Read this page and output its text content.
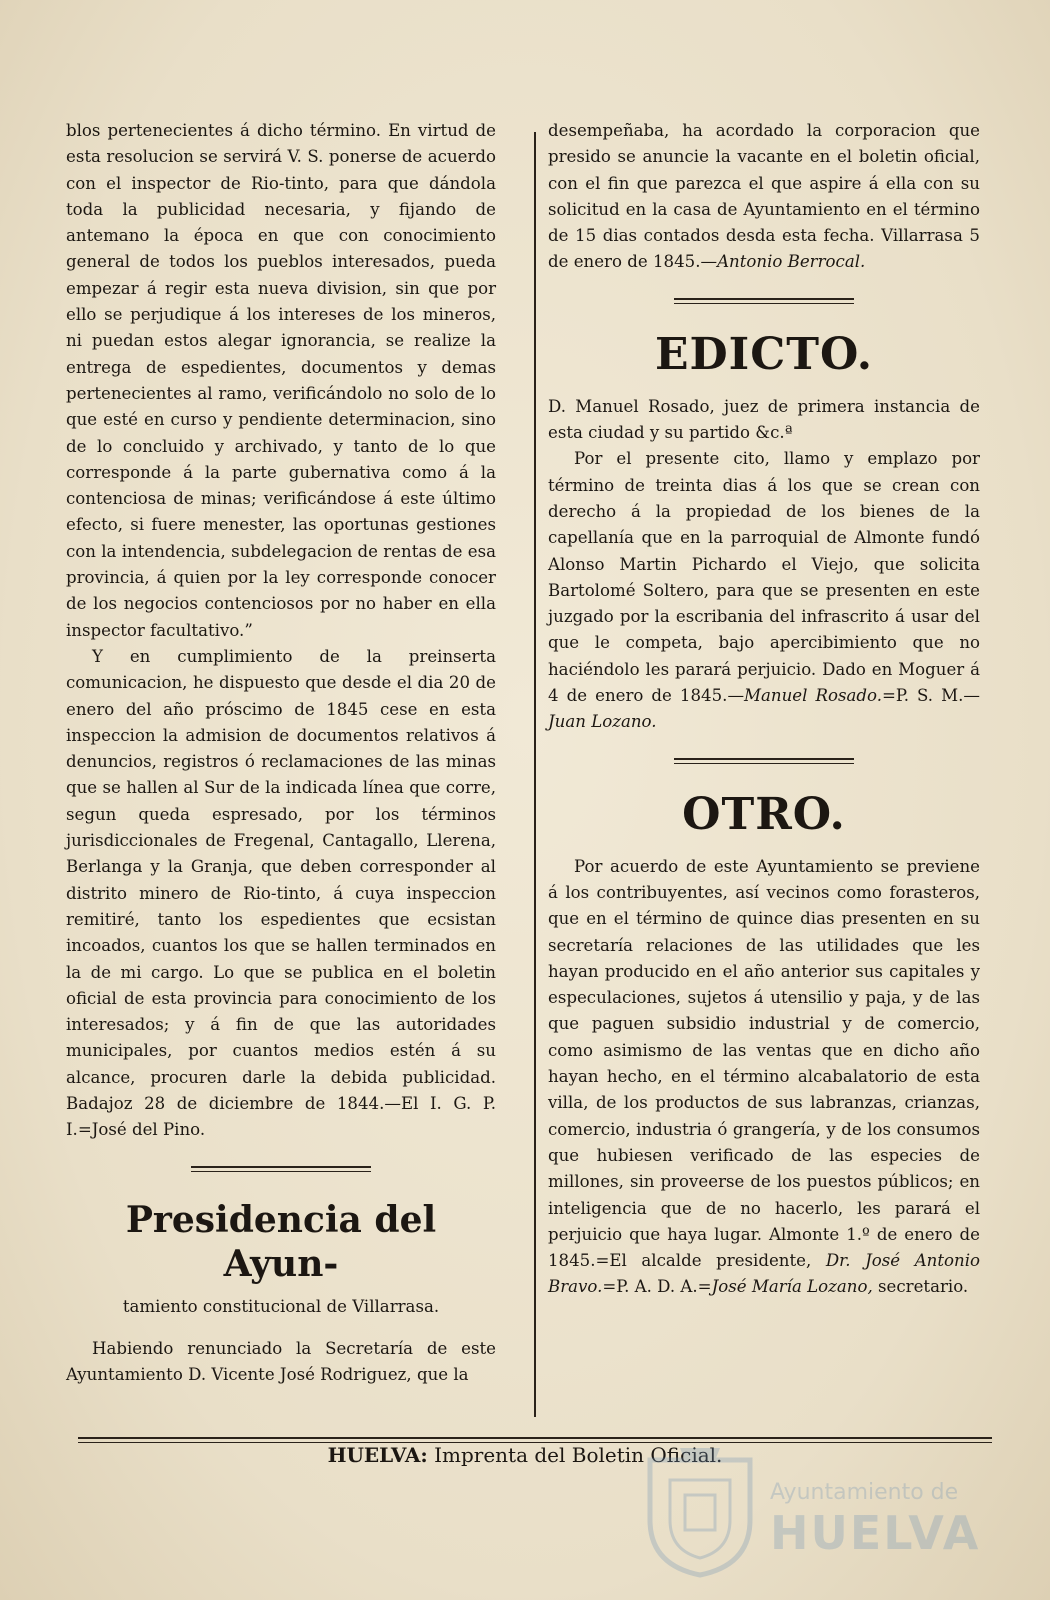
blos pertenecientes á dicho término. En virtud de esta resolucion se servirá V. S. ponerse de acuerdo con el inspector de Rio-tinto, para que dándola toda la publicidad necesaria, y fijando de antemano la época en que con conocimiento general de todos los pueblos interesados, pueda empezar á regir esta nueva division, sin que por ello se perjudique á los intereses de los mineros, ni puedan estos alegar ignorancia, se realize la entrega de espedientes, documentos y demas pertenecientes al ramo, verificándolo no solo de lo que esté en curso y pendiente determinacion, sino de lo concluido y archivado, y tanto de lo que corresponde á la parte gubernativa como á la contenciosa de minas; verificándose á este último efecto, si fuere menester, las oportunas gestiones con la intendencia, subdelegacion de rentas de esa provincia, á quien por la ley corresponde conocer de los negocios contenciosos por no haber en ella inspector facultativo.”

Y en cumplimiento de la preinserta comunicacion, he dispuesto que desde el dia 20 de enero del año próscimo de 1845 cese en esta inspeccion la admision de documentos relativos á denuncios, registros ó reclamaciones de las minas que se hallen al Sur de la indicada línea que corre, segun queda espresado, por los términos jurisdiccionales de Fregenal, Cantagallo, Llerena, Berlanga y la Granja, que deben corresponder al distrito minero de Rio-tinto, á cuya inspeccion remitiré, tanto los espedientes que ecsistan incoados, cuantos los que se hallen terminados en la de mi cargo. Lo que se publica en el boletin oficial de esta provincia para conocimiento de los interesados; y á fin de que las autoridades municipales, por cuantos medios estén á su alcance, procuren darle la debida publicidad. Badajoz 28 de diciembre de 1844.—El I. G. P. I.=José del Pino.

Presidencia del Ayun-
tamiento constitucional de Villarrasa.

Habiendo renunciado la Secretaría de este Ayuntamiento D. Vicente José Rodriguez, que la

desempeñaba, ha acordado la corporacion que presido se anuncie la vacante en el boletin oficial, con el fin que parezca el que aspire á ella con su solicitud en la casa de Ayuntamiento en el término de 15 dias contados desda esta fecha. Villarrasa 5 de enero de 1845.—Antonio Berrocal.

EDICTO.

D. Manuel Rosado, juez de primera instancia de esta ciudad y su partido &c.ª

Por el presente cito, llamo y emplazo por término de treinta dias á los que se crean con derecho á la propiedad de los bienes de la capellanía que en la parroquial de Almonte fundó Alonso Martin Pichardo el Viejo, que solicita Bartolomé Soltero, para que se presenten en este juzgado por la escribania del infrascrito á usar del que le competa, bajo apercibimiento que no haciéndolo les parará perjuicio. Dado en Moguer á 4 de enero de 1845.—Manuel Rosado.=P. S. M.—Juan Lozano.

OTRO.

Por acuerdo de este Ayuntamiento se previene á los contribuyentes, así vecinos como forasteros, que en el término de quince dias presenten en su secretaría relaciones de las utilidades que les hayan producido en el año anterior sus capitales y especulaciones, sujetos á utensilio y paja, y de las que paguen subsidio industrial y de comercio, como asimismo de las ventas que en dicho año hayan hecho, en el término alcabalatorio de esta villa, de los productos de sus labranzas, crianzas, comercio, industria ó grangería, y de los consumos que hubiesen verificado de las especies de millones, sin proveerse de los puestos públicos; en inteligencia que de no hacerlo, les parará el perjuicio que haya lugar. Almonte 1.º de enero de 1845.=El alcalde presidente, Dr. José Antonio Bravo.=P. A. D. A.=José María Lozano, secretario.

HUELVA: Imprenta del Boletin Oficial.
Ayuntamiento de
HUELVA
